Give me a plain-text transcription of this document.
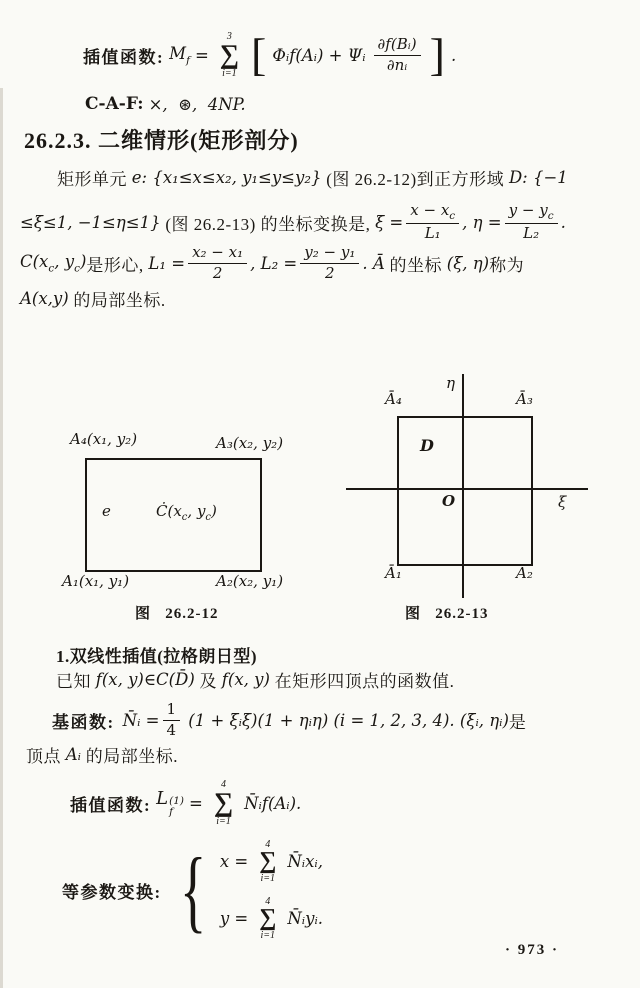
插值函数: $M_f$ =
3
∑
i=1 [ Φᵢf(Aᵢ) + Ψᵢ $\frac{\text{∂f(Bᵢ)}}{\text{∂nᵢ}}$ ] .
C-A-F: ×,  ⊛,  4NP.
26.2.3. 二维情形(矩形剖分)
矩形单元 e: {x₁≤x≤x₂, y₁≤y≤y₂} (图 26.2-12)到正方形域 D: {−1
≤ξ≤1, −1≤η≤1} (图 26.2-13) 的坐标变换是, $\xi = \frac{x - x_c}{\text{L₁}}$ , $\eta = \frac{y - y_c}{\text{L₂}}$ .
$C(x_c$, $y_c$) 是形心, $L_1 = \frac{\text{x₂ − x₁}}{2}$ , $L_2 = \frac{\text{y₂ − y₁}}{2}$ . Ā 的坐标 (ξ, η) 称为
A(x,y) 的局部坐标.
A₄(x₁, y₂)	A₃(x₂, y₂)
e	$Ċ(x_c$, $y_c$)
A₁(x₁, y₁)	A₂(x₂, y₁)
η
Ā₄	Ā₃
D
O	ξ
Ā₁	Ā₂
图   26.2-12	图   26.2-13
1.双线性插值(拉格朗日型)
已知 f(x, y)∈C(D̄) 及 f(x, y) 在矩形四顶点的函数值.
基函数: N̄ᵢ = $\frac{1}{4} (1$ + ξᵢξ)(1 + ηᵢη) (i = 1, 2, 3, 4). (ξᵢ, ηᵢ) 是
顶点 Aᵢ 的局部坐标.
插值函数: L (1)
f =
4
∑
i=1
N̄ᵢf(Aᵢ).
等参数变换: { x =
4
∑
i=1
N̄ᵢxᵢ,
y =
4
∑
i=1
N̄ᵢyᵢ.
· 973 ·
